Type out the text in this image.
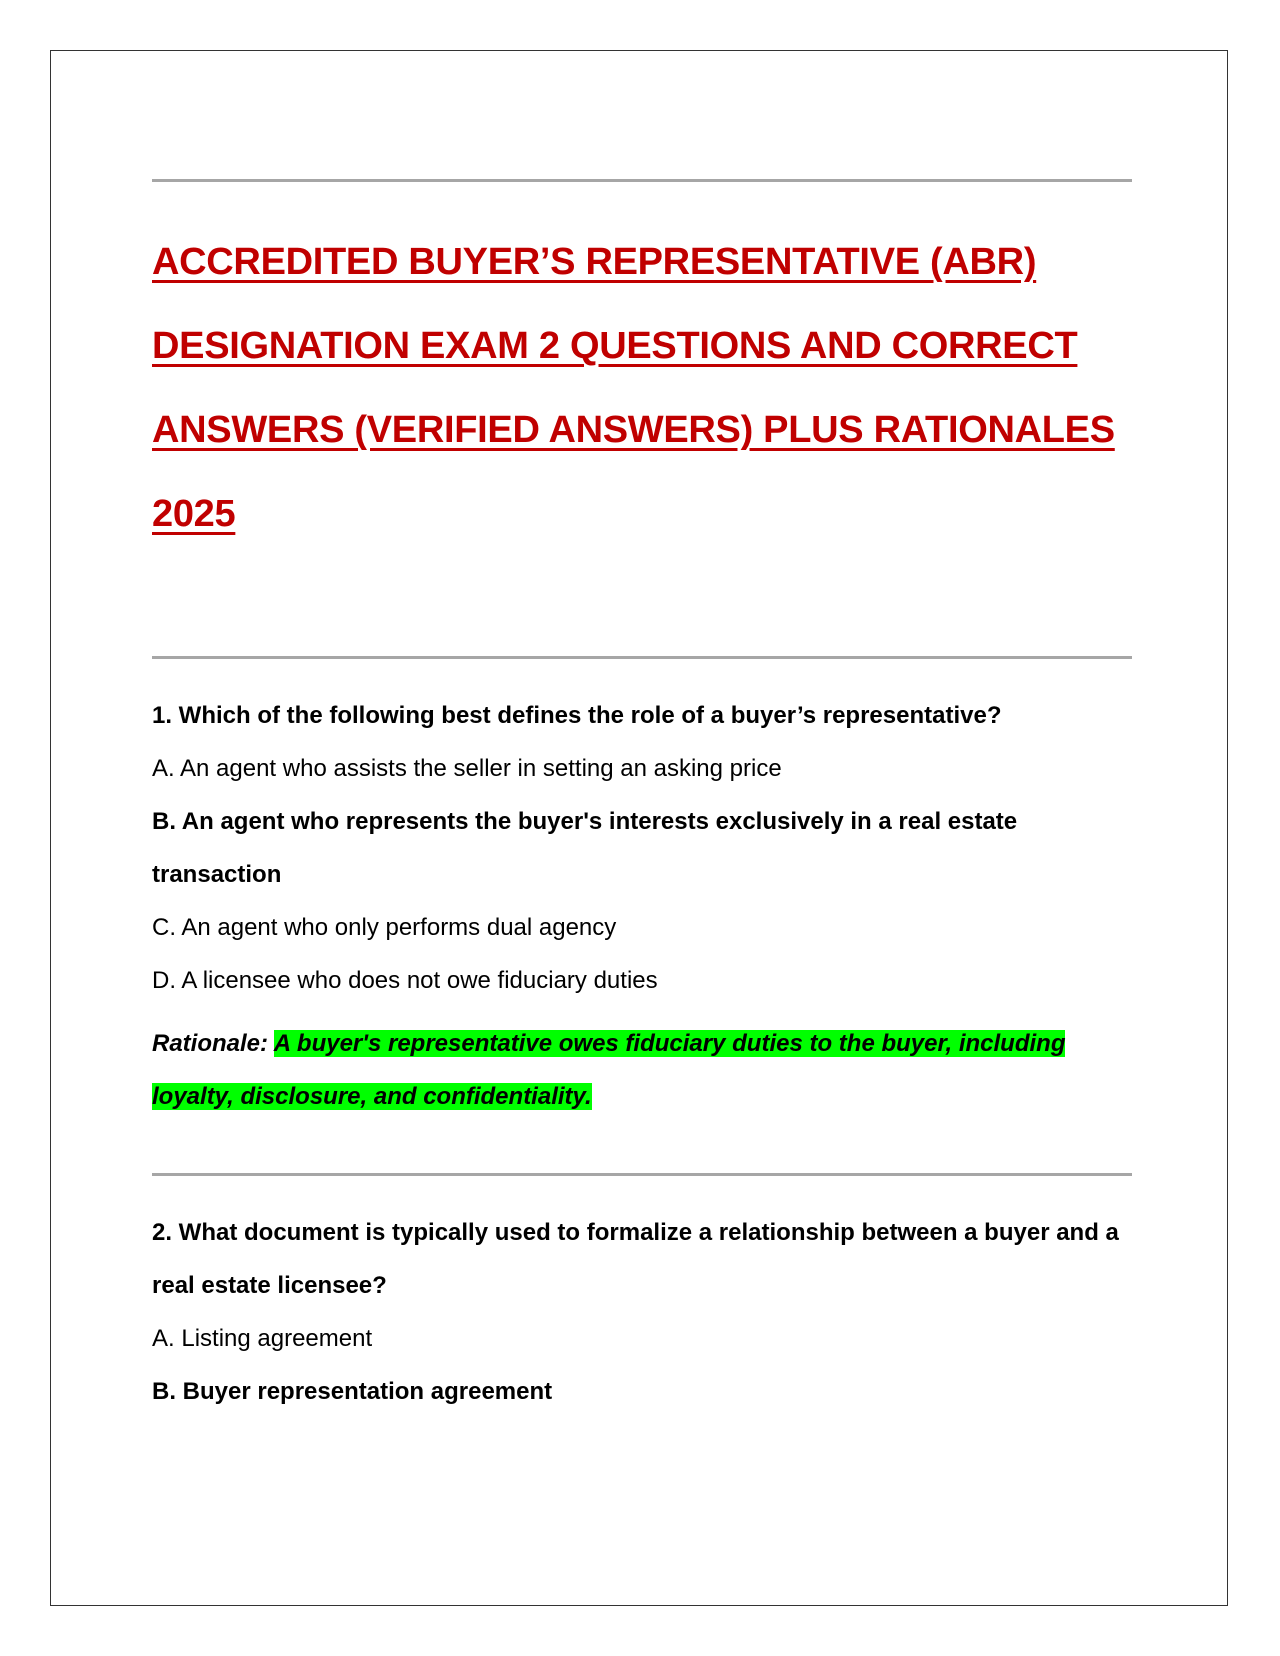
ACCREDITED BUYER’S REPRESENTATIVE (ABR) DESIGNATION EXAM 2 QUESTIONS AND CORRECT ANSWERS (VERIFIED ANSWERS) PLUS RATIONALES 2025
1. Which of the following best defines the role of a buyer’s representative?
A. An agent who assists the seller in setting an asking price
B. An agent who represents the buyer's interests exclusively in a real estate transaction
C. An agent who only performs dual agency
D. A licensee who does not owe fiduciary duties
Rationale: A buyer's representative owes fiduciary duties to the buyer, including loyalty, disclosure, and confidentiality.
2. What document is typically used to formalize a relationship between a buyer and a real estate licensee?
A. Listing agreement
B. Buyer representation agreement
